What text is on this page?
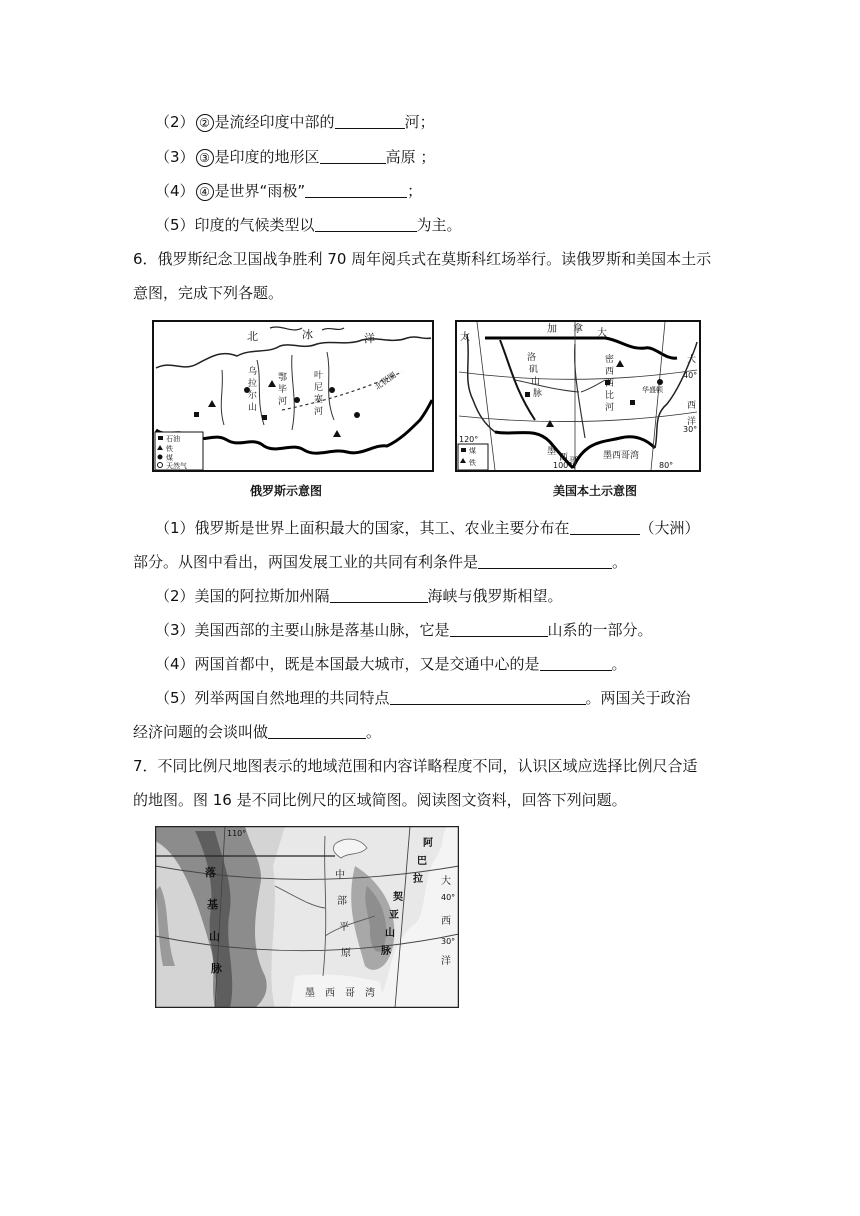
（2） ② 是流经印度中部的	河；
（3） ③ 是印度的地形区	高原 ；
（4） ④ 是世界“雨极”	；
（5）印度的气候类型以	为主。
6．俄罗斯纪念卫国战争胜利 70 周年阅兵式在莫斯科红场举行。读俄罗斯和美国本土示
意图，完成下列各题。
北	冰	洋
北极圈
乌
拉
尔
山
鄂
毕
河
叶
尼
塞
河
石油
铁
煤
天然气
俄罗斯示意图
加 拿 大
太
洛
矶
山
脉
密
西
西
比
河
大
西
洋
墨西哥湾
墨
西 哥
华盛顿
120°
100°	80°
40°
30°
煤
铁
美国本土示意图
（1）俄罗斯是世界上面积最大的国家，其工、农业主要分布在	（大洲）
部分。从图中看出，两国发展工业的共同有利条件是	。
（2）美国的阿拉斯加州隔	海峡与俄罗斯相望。
（3）美国西部的主要山脉是落基山脉，它是	山系的一部分。
（4）两国首都中，既是本国最大城市，又是交通中心的是	。
（5）列举两国自然地理的共同特点	。两国关于政治
经济问题的会谈叫做	。
7．不同比例尺地图表示的地域范围和内容详略程度不同，认识区域应选择比例尺合适
的地图。图 16 是不同比例尺的区域简图。阅读图文资料，回答下列问题。
落
基
山
脉
中
部
平
原
阿
巴
拉
契
亚
山
脉
大
西
洋
墨 西 哥 湾
110°
40°
30°
